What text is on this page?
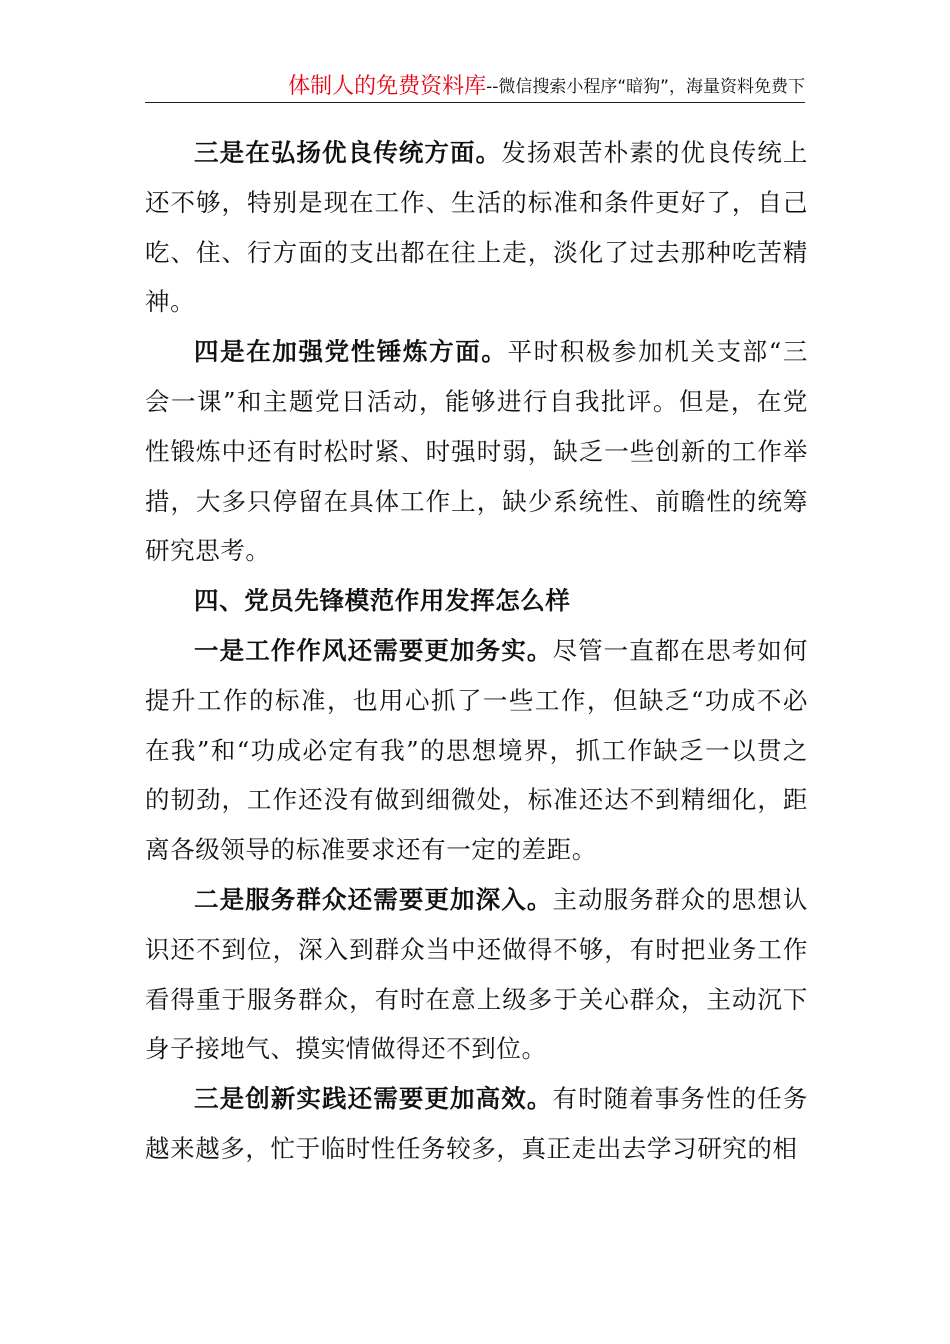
体制人的免费资料库 --微信搜索小程序“暗狗”，海量资料免费下

三是在弘扬优良传统方面。发扬艰苦朴素的优良传统上还不够，特别是现在工作、生活的标准和条件更好了，自己吃、住、行方面的支出都在往上走，淡化了过去那种吃苦精神。

四是在加强党性锤炼方面。平时积极参加机关支部“三会一课”和主题党日活动，能够进行自我批评。但是，在党性锻炼中还有时松时紧、时强时弱，缺乏一些创新的工作举措，大多只停留在具体工作上，缺少系统性、前瞻性的统筹研究思考。

四、党员先锋模范作用发挥怎么样

一是工作作风还需要更加务实。尽管一直都在思考如何提升工作的标准，也用心抓了一些工作，但缺乏“功成不必在我”和“功成必定有我”的思想境界，抓工作缺乏一以贯之的韧劲，工作还没有做到细微处，标准还达不到精细化，距离各级领导的标准要求还有一定的差距。

二是服务群众还需要更加深入。主动服务群众的思想认识还不到位，深入到群众当中还做得不够，有时把业务工作看得重于服务群众，有时在意上级多于关心群众，主动沉下身子接地气、摸实情做得还不到位。

三是创新实践还需要更加高效。有时随着事务性的任务越来越多，忙于临时性任务较多，真正走出去学习研究的相
